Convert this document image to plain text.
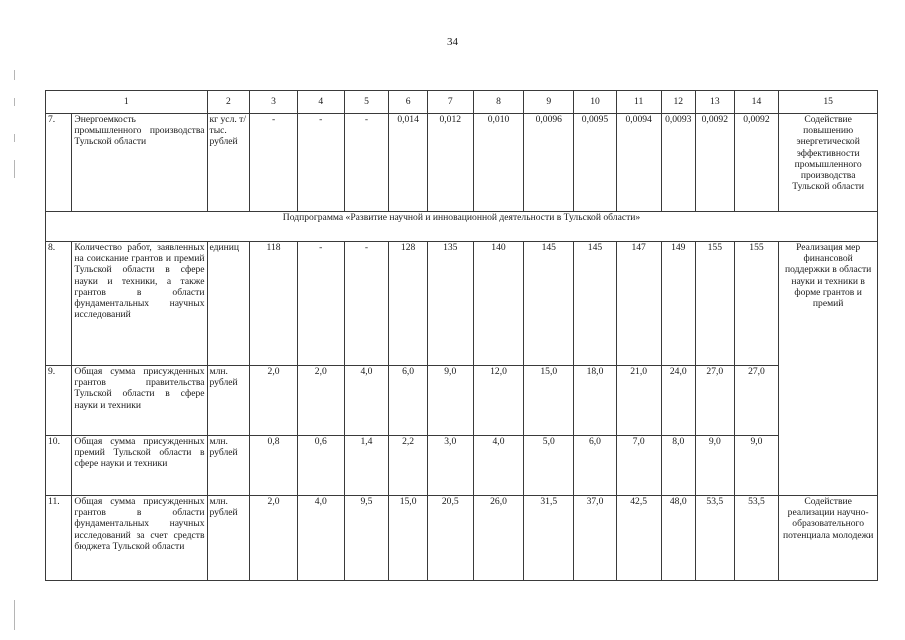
34
1		2	3	4	5	6	7	8	9	10	11	12	13	14	15
7.	Энергоемкость промышленного производства Тульской области	кг усл. т/тыс. рублей	-	-	-	0,014	0,012	0,010	0,0096	0,0095	0,0094	0,0093	0,0092	0,0092	Содействие повышению энергетической эффективности промышленного производства Тульской области
Подпрограмма «Развитие научной и инновационной деятельности в Тульской области»															
8.	Количество работ, заявленных на соискание грантов и премий Тульской области в сфере науки и техники, а также грантов в области фундаментальных научных исследований	единиц	118	-	-	128	135	140	145	145	147	149	155	155	Реализация мер финансовой поддержки в области науки и техники в форме грантов и премий
9.	Общая сумма присужденных грантов правительства Тульской области в сфере науки и техники	млн. рублей	2,0	2,0	4,0	6,0	9,0	12,0	15,0	18,0	21,0	24,0	27,0	27,0	
10.	Общая сумма присужденных премий Тульской области в сфере науки и техники	млн. рублей	0,8	0,6	1,4	2,2	3,0	4,0	5,0	6,0	7,0	8,0	9,0	9,0	
11.	Общая сумма присужденных грантов в области фундаментальных научных исследований за счет средств бюджета Тульской области	млн. рублей	2,0	4,0	9,5	15,0	20,5	26,0	31,5	37,0	42,5	48,0	53,5	53,5	Содействие реализации научно-образовательного потенциала молодежи
